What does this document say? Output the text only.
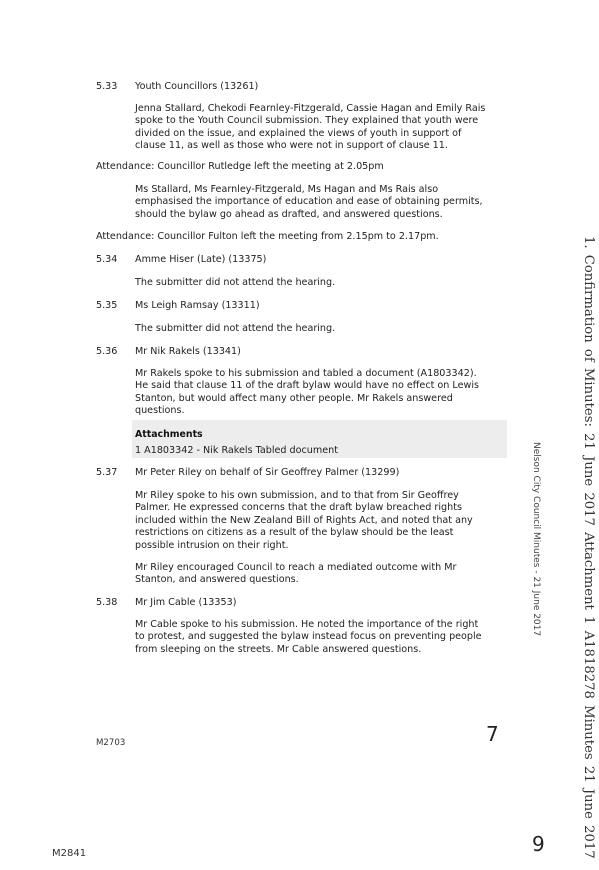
5.33 Youth Councillors (13261)
Jenna Stallard, Chekodi Fearnley-Fitzgerald, Cassie Hagan and Emily Rais
spoke to the Youth Council submission. They explained that youth were
divided on the issue, and explained the views of youth in support of
clause 11, as well as those who were not in support of clause 11.
Attendance: Councillor Rutledge left the meeting at 2.05pm
Ms Stallard, Ms Fearnley-Fitzgerald, Ms Hagan and Ms Rais also
emphasised the importance of education and ease of obtaining permits,
should the bylaw go ahead as drafted, and answered questions.
Attendance: Councillor Fulton left the meeting from 2.15pm to 2.17pm.
5.34 Amme Hiser (Late) (13375)
The submitter did not attend the hearing.
5.35 Ms Leigh Ramsay (13311)
The submitter did not attend the hearing.
5.36 Mr Nik Rakels (13341)
Mr Rakels spoke to his submission and tabled a document (A1803342).
He said that clause 11 of the draft bylaw would have no effect on Lewis
Stanton, but would affect many other people. Mr Rakels answered
questions.
Attachments
1 A1803342 - Nik Rakels Tabled document
5.37 Mr Peter Riley on behalf of Sir Geoffrey Palmer (13299)
Mr Riley spoke to his own submission, and to that from Sir Geoffrey
Palmer. He expressed concerns that the draft bylaw breached rights
included within the New Zealand Bill of Rights Act, and noted that any
restrictions on citizens as a result of the bylaw should be the least
possible intrusion on their right.
Mr Riley encouraged Council to reach a mediated outcome with Mr
Stanton, and answered questions.
5.38 Mr Jim Cable (13353)
Mr Cable spoke to his submission. He noted the importance of the right
to protest, and suggested the bylaw instead focus on preventing people
from sleeping on the streets. Mr Cable answered questions.
M2703	7
M2841	9
Nelson City Council Minutes - 21 June 2017	1. Confirmation of Minutes: 21 June 2017 Attachment 1 A1818278 Minutes 21 June 2017
